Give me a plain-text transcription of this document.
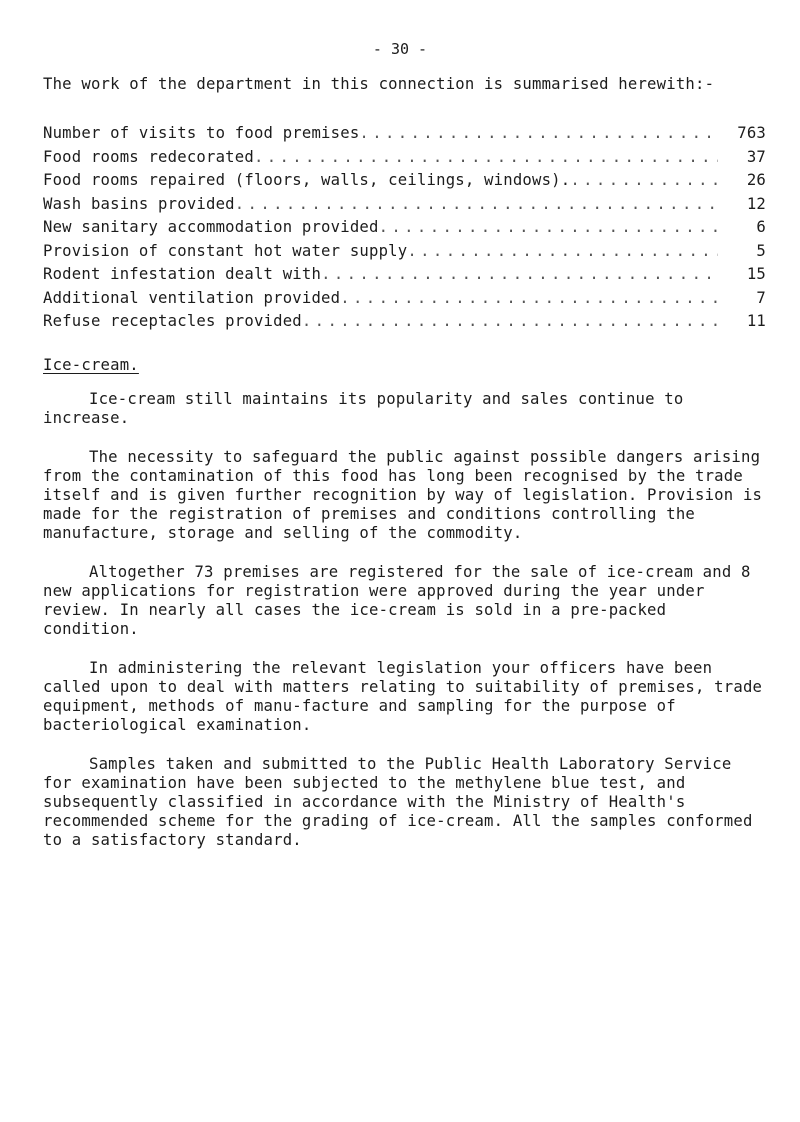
- 30 -
The work of the department in this connection is summarised herewith:-
Number of visits to food premises . . .	763
Food rooms redecorated . . .	37
Food rooms repaired (floors, walls, ceilings, windows). . . .	26
Wash basins provided . . .	12
New sanitary accommodation provided . . .	6
Provision of constant hot water supply . . .	5
Rodent infestation dealt with . . .	15
Additional ventilation provided . . .	7
Refuse receptacles provided . . .	11
Ice-cream.

Ice-cream still maintains its popularity and sales continue to increase.

The necessity to safeguard the public against possible dangers arising from the contamination of this food has long been recognised by the trade itself and is given further recognition by way of legislation. Provision is made for the registration of premises and conditions controlling the manufacture, storage and selling of the commodity.

Altogether 73 premises are registered for the sale of ice-cream and 8 new applications for registration were approved during the year under review. In nearly all cases the ice-cream is sold in a pre-packed condition.

In administering the relevant legislation your officers have been called upon to deal with matters relating to suitability of premises, trade equipment, methods of manu-facture and sampling for the purpose of bacteriological examination.

Samples taken and submitted to the Public Health Laboratory Service for examination have been subjected to the methylene blue test, and subsequently classified in accordance with the Ministry of Health's recommended scheme for the grading of ice-cream. All the samples conformed to a satisfactory standard.
